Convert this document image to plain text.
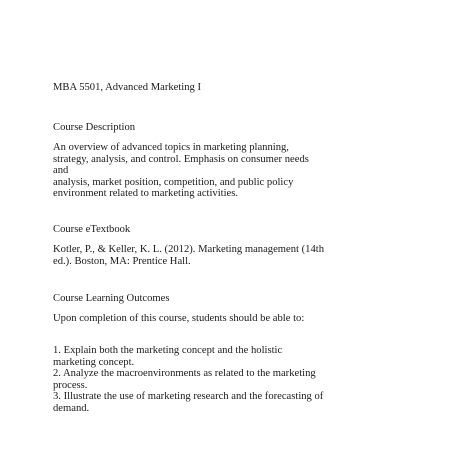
MBA 5501, Advanced Marketing I
Course Description
An overview of advanced topics in marketing planning,
strategy, analysis, and control. Emphasis on consumer needs
and
analysis, market position, competition, and public policy
environment related to marketing activities.
Course eTextbook
Kotler, P., & Keller, K. L. (2012). Marketing management (14th
ed.). Boston, MA: Prentice Hall.
Course Learning Outcomes
Upon completion of this course, students should be able to:
1. Explain both the marketing concept and the holistic
marketing concept.
2. Analyze the macroenvironments as related to the marketing
process.
3. Illustrate the use of marketing research and the forecasting of
demand.
